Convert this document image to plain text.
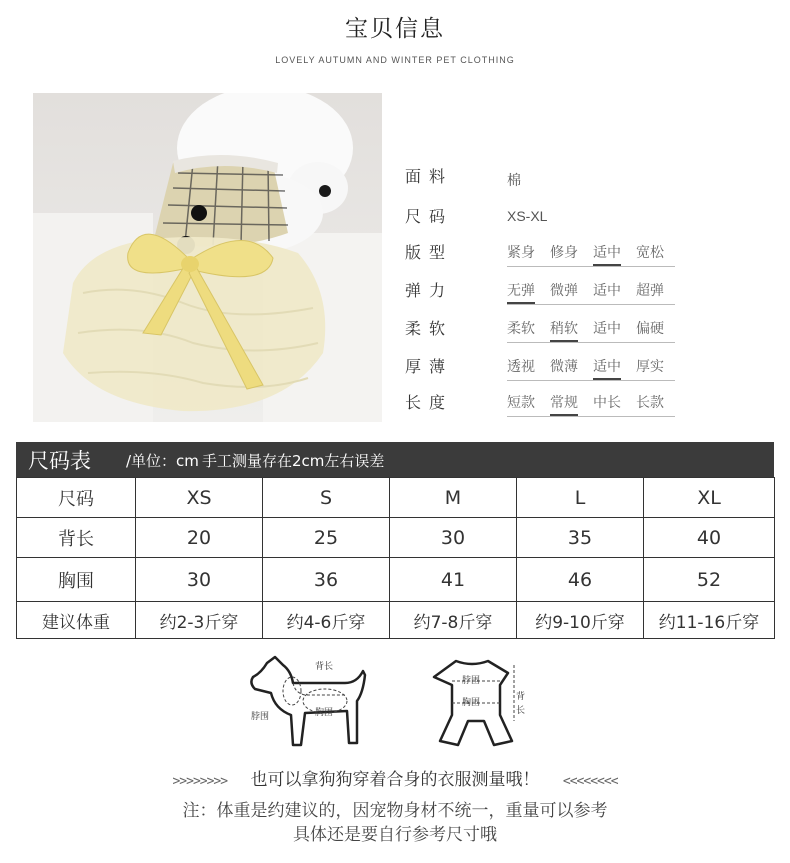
宝贝信息
LOVELY AUTUMN AND WINTER PET CLOTHING
面料	棉
尺码	XS-XL
版型	紧身 修身 适中 宽松
弹力	无弹 微弹 适中 超弹
柔软	柔软 稍软 适中 偏硬
厚薄	透视 微薄 适中 厚实
长度	短款 常规 中长 长款
尺码表 /单位：cm 手工测量存在2cm左右误差
尺码	XS	S	M	L	XL
背长	20	25	30	35	40
胸围	30	36	41	46	52
建议体重	约2-3斤穿	约4-6斤穿	约7-8斤穿	约9-10斤穿	约11-16斤穿
背长
脖围	胸围
脖围
胸围
背
长
>>>>>>>> 也可以拿狗狗穿着合身的衣服测量哦！ <<<<<<<<
注：体重是约建议的，因宠物身材不统一，重量可以参考
具体还是要自行参考尺寸哦
